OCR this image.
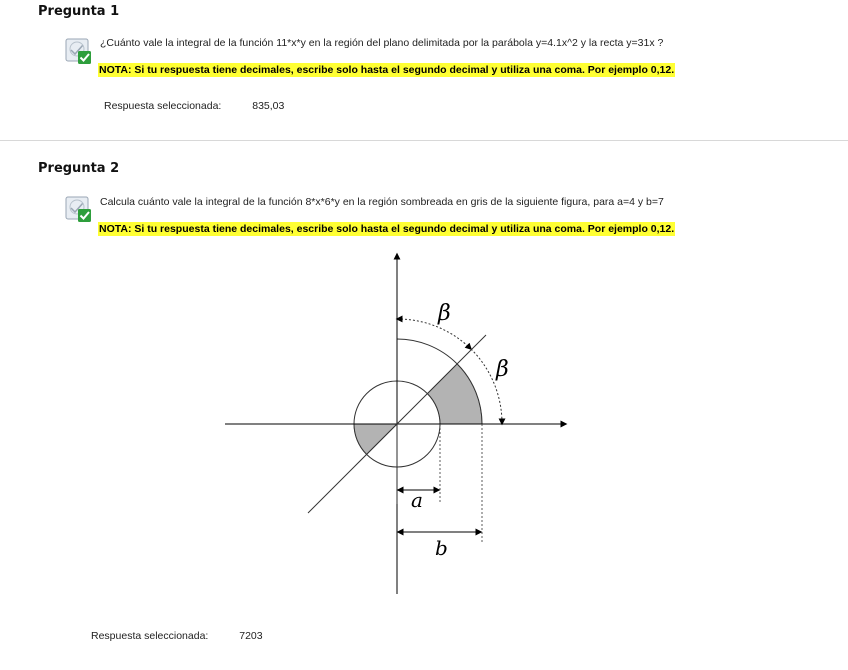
Pregunta 1
¿Cuánto vale la integral de la función 11*x*y en la región del plano delimitada por la parábola y=4.1x^2 y la recta y=31x ?
NOTA: Si tu respuesta tiene decimales, escribe solo hasta el segundo decimal y utiliza una coma. Por ejemplo 0,12.
Respuesta seleccionada:	835,03
Pregunta 2
Calcula cuánto vale la integral de la función 8*x*6*y en la región sombreada en gris de la siguiente figura, para a=4 y b=7
NOTA: Si tu respuesta tiene decimales, escribe solo hasta el segundo decimal y utiliza una coma. Por ejemplo 0,12.
β
β
a
b
Respuesta seleccionada:	7203
